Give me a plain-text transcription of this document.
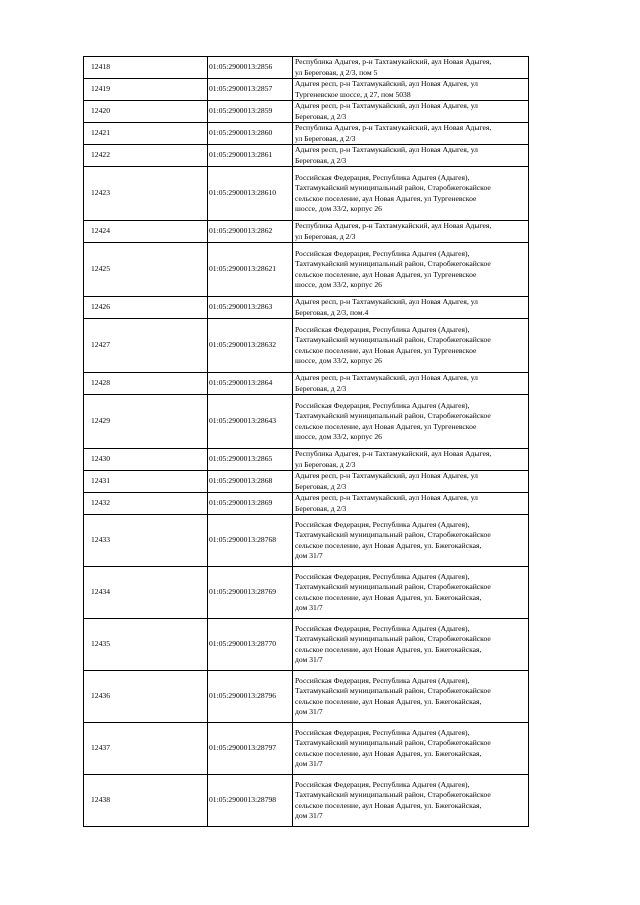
12418	01:05:2900013:2856	Республика Адыгея, р-н Тахтамукайский, аул Новая Адыгея,
ул Береговая, д 2/3, пом 5
12419	01:05:2900013:2857	Адыгея респ, р-н Тахтамукайский, аул Новая Адыгея, ул
Тургеневское шоссе, д 27, пом 5038
12420	01:05:2900013:2859	Адыгея респ, р-н Тахтамукайский, аул Новая Адыгея, ул
Береговая, д 2/3
12421	01:05:2900013:2860	Республика Адыгея, р-н Тахтамукайский, аул Новая Адыгея,
ул Береговая, д 2/3
12422	01:05:2900013:2861	Адыгея респ, р-н Тахтамукайский, аул Новая Адыгея, ул
Береговая, д 2/3
12423	01:05:2900013:28610	Российская Федерация, Республика Адыгея (Адыгея),
Тахтамукайский муниципальный район, Старобжегокайское
сельское поселение, аул Новая Адыгея, ул Тургеневское
шоссе, дом 33/2, корпус 26
12424	01:05:2900013:2862	Республика Адыгея, р-н Тахтамукайский, аул Новая Адыгея,
ул Береговая, д 2/3
12425	01:05:2900013:28621	Российская Федерация, Республика Адыгея (Адыгея),
Тахтамукайский муниципальный район, Старобжегокайское
сельское поселение, аул Новая Адыгея, ул Тургеневское
шоссе, дом 33/2, корпус 26
12426	01:05:2900013:2863	Адыгея респ, р-н Тахтамукайский, аул Новая Адыгея, ул
Береговая, д 2/3, пом.4
12427	01:05:2900013:28632	Российская Федерация, Республика Адыгея (Адыгея),
Тахтамукайский муниципальный район, Старобжегокайское
сельское поселение, аул Новая Адыгея, ул Тургеневское
шоссе, дом 33/2, корпус 26
12428	01:05:2900013:2864	Адыгея респ, р-н Тахтамукайский, аул Новая Адыгея, ул
Береговая, д 2/3
12429	01:05:2900013:28643	Российская Федерация, Республика Адыгея (Адыгея),
Тахтамукайский муниципальный район, Старобжегокайское
сельское поселение, аул Новая Адыгея, ул Тургеневское
шоссе, дом 33/2, корпус 26
12430	01:05:2900013:2865	Республика Адыгея, р-н Тахтамукайский, аул Новая Адыгея,
ул Береговая, д 2/3
12431	01:05:2900013:2868	Адыгея респ, р-н Тахтамукайский, аул Новая Адыгея, ул
Береговая, д 2/3
12432	01:05:2900013:2869	Адыгея респ, р-н Тахтамукайский, аул Новая Адыгея, ул
Береговая, д 2/3
12433	01:05:2900013:28768	Российская Федерация, Республика Адыгея (Адыгея),
Тахтамукайский муниципальный район, Старобжегокайское
сельское поселение, аул Новая Адыгея, ул. Бжегокайская,
дом 31/7
12434	01:05:2900013:28769	Российская Федерация, Республика Адыгея (Адыгея),
Тахтамукайский муниципальный район, Старобжегокайское
сельское поселение, аул Новая Адыгея, ул. Бжегокайская,
дом 31/7
12435	01:05:2900013:28770	Российская Федерация, Республика Адыгея (Адыгея),
Тахтамукайский муниципальный район, Старобжегокайское
сельское поселение, аул Новая Адыгея, ул. Бжегокайская,
дом 31/7
12436	01:05:2900013:28796	Российская Федерация, Республика Адыгея (Адыгея),
Тахтамукайский муниципальный район, Старобжегокайское
сельское поселение, аул Новая Адыгея, ул. Бжегокайская,
дом 31/7
12437	01:05:2900013:28797	Российская Федерация, Республика Адыгея (Адыгея),
Тахтамукайский муниципальный район, Старобжегокайское
сельское поселение, аул Новая Адыгея, ул. Бжегокайская,
дом 31/7
12438	01:05:2900013:28798	Российская Федерация, Республика Адыгея (Адыгея),
Тахтамукайский муниципальный район, Старобжегокайское
сельское поселение, аул Новая Адыгея, ул. Бжегокайская,
дом 31/7
